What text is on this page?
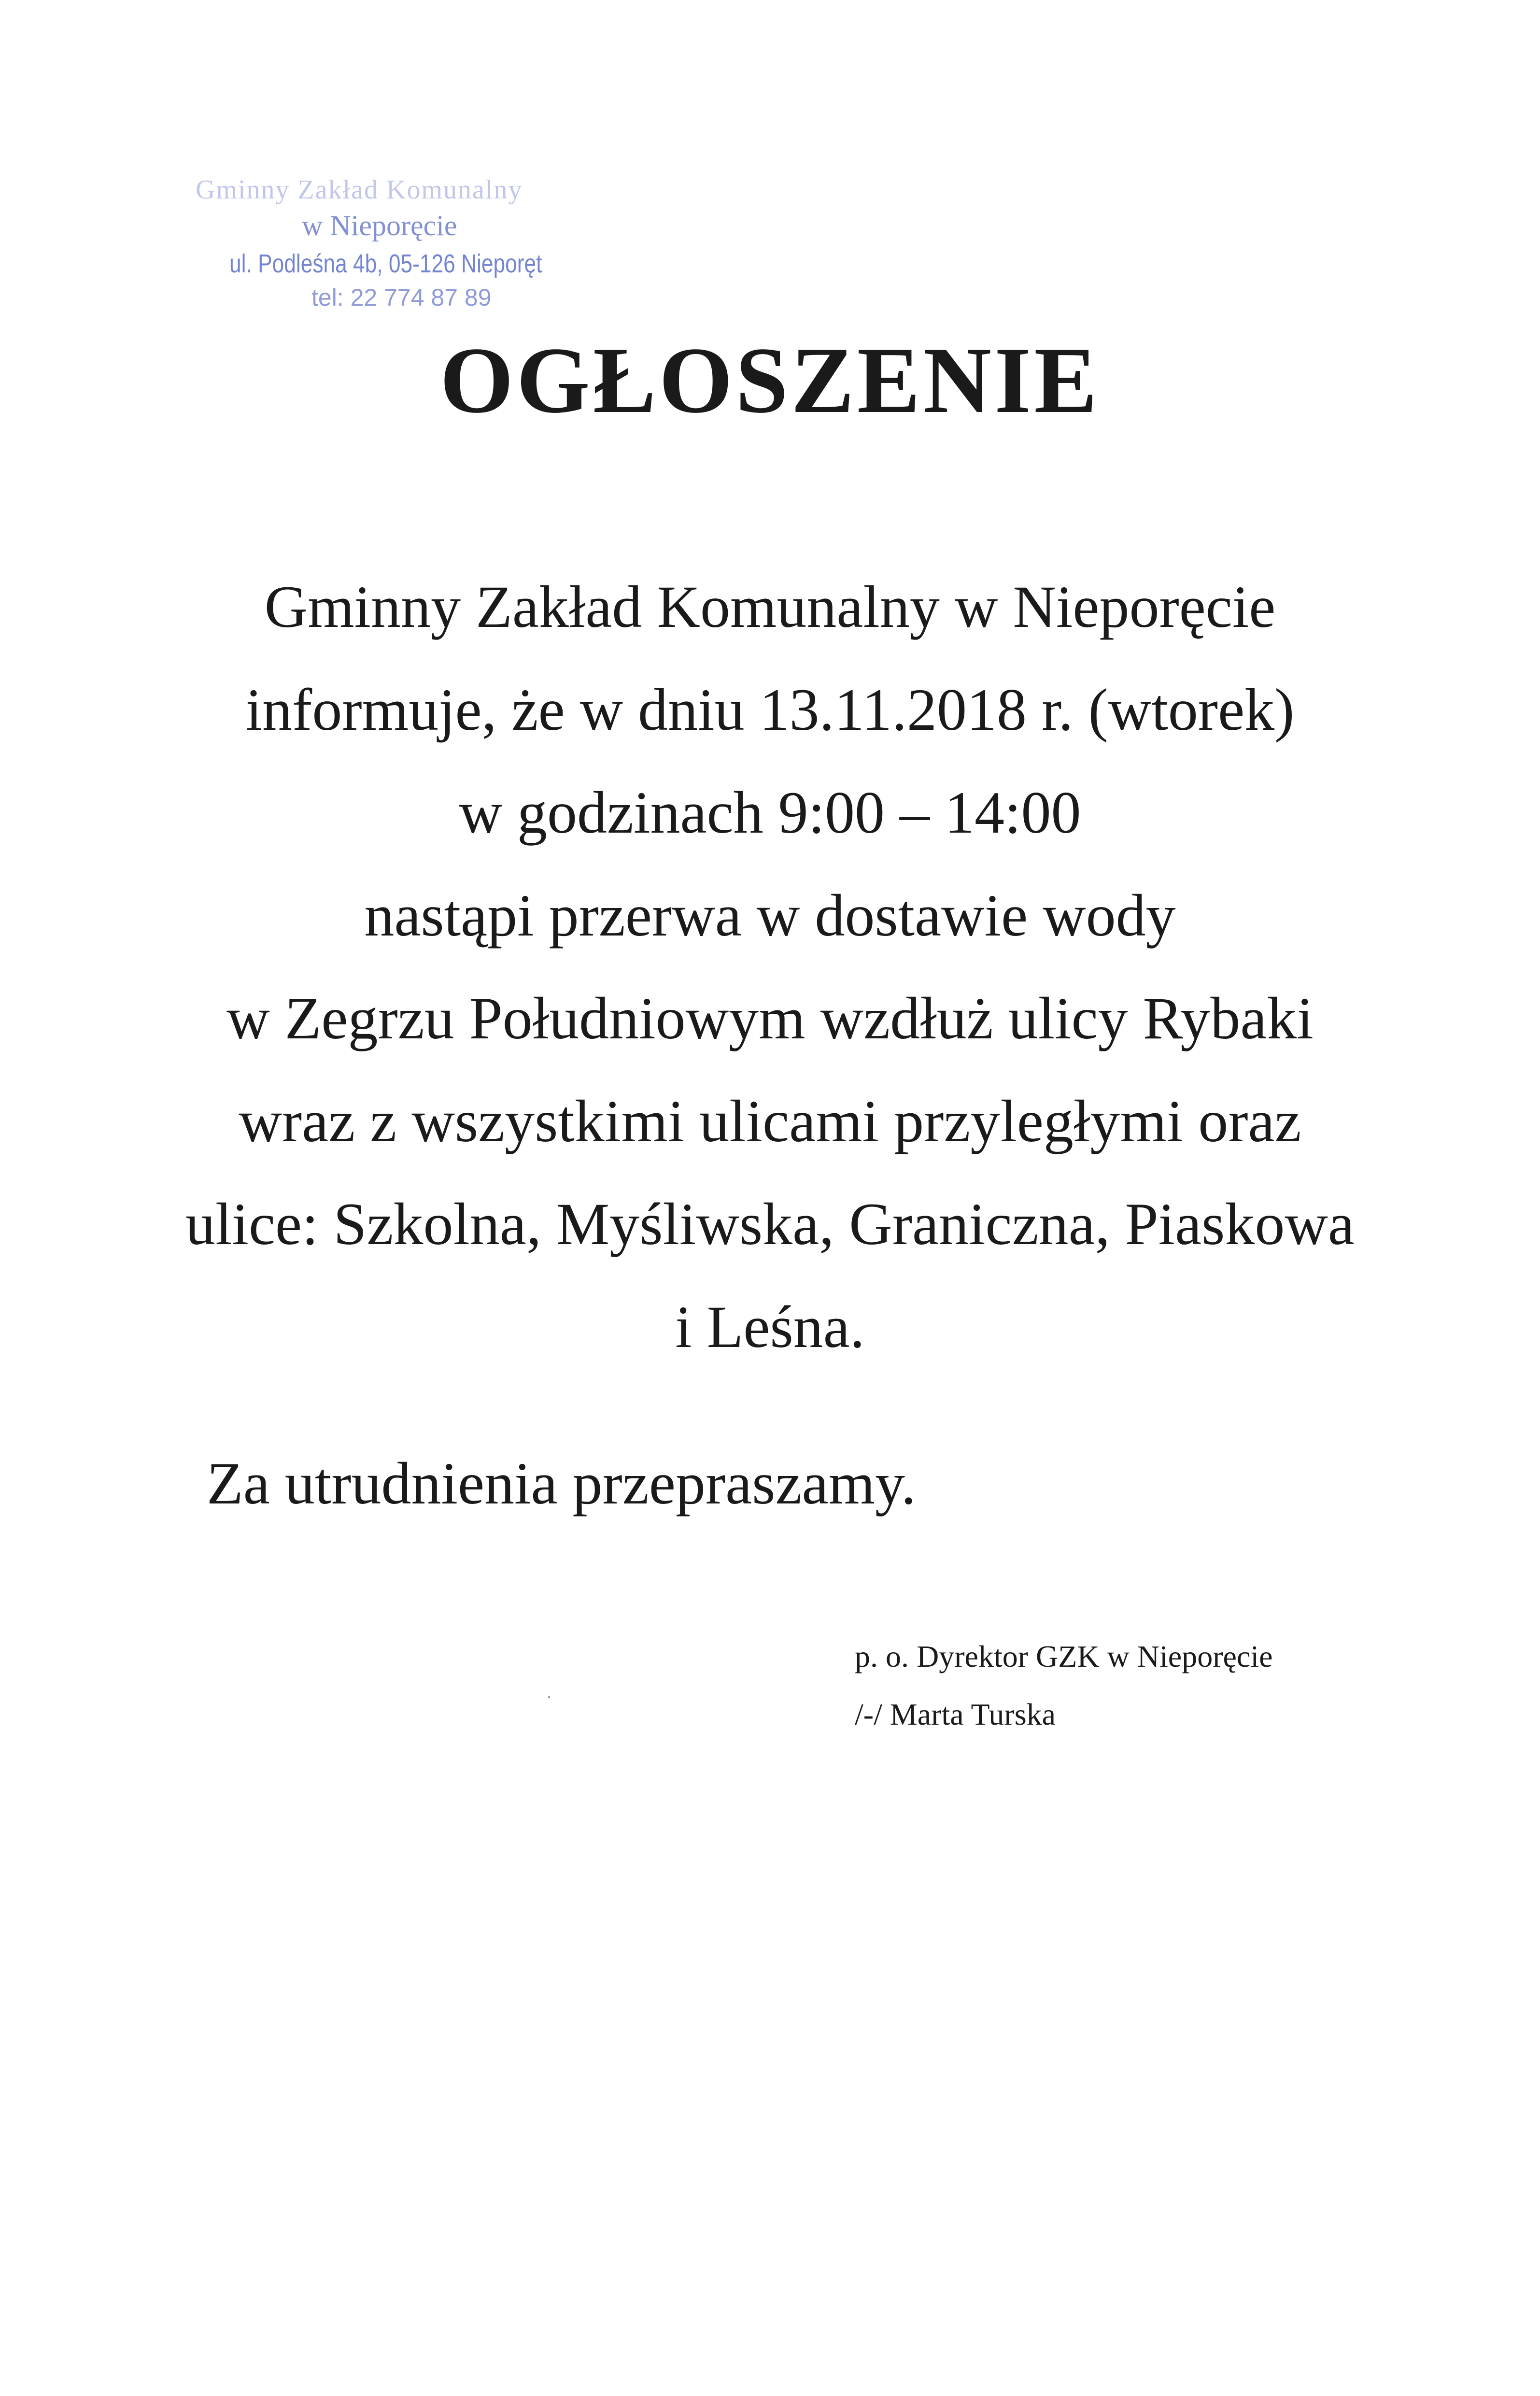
Gminny Zakład Komunalny
w Nieporęcie
ul. Podleśna 4b, 05-126 Nieporęt
tel: 22 774 87 89
OGŁOSZENIE
Gminny Zakład Komunalny w Nieporęcie
informuje, że w dniu 13.11.2018 r. (wtorek)
w godzinach 9:00 – 14:00
nastąpi przerwa w dostawie wody
w Zegrzu Południowym wzdłuż ulicy Rybaki
wraz z wszystkimi ulicami przyległymi oraz
ulice: Szkolna, Myśliwska, Graniczna, Piaskowa
i Leśna.
Za utrudnienia przepraszamy.
p. o. Dyrektor GZK w Nieporęcie
/-/ Marta Turska
